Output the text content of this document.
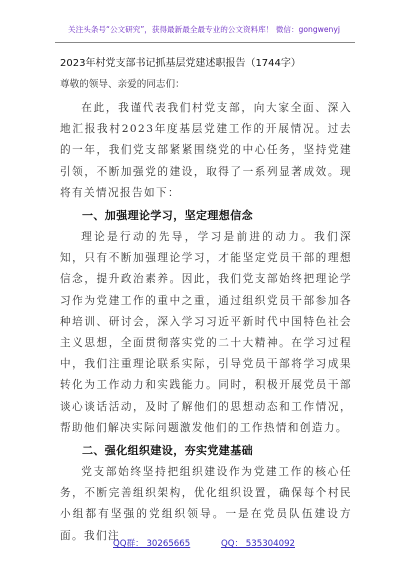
关注头条号“公文研究”，获得最新最全最专业的公文资料库！ 微信：gongwenyj
2023年村党支部书记抓基层党建述职报告（1744字）
尊敬的领导、亲爱的同志们：

在此，我谨代表我们村党支部，向大家全面、深入地汇报我村2023年度基层党建工作的开展情况。过去的一年，我们党支部紧紧围绕党的中心任务，坚持党建引领，不断加强党的建设，取得了一系列显著成效。现将有关情况报告如下：

一、加强理论学习，坚定理想信念

理论是行动的先导，学习是前进的动力。我们深知，只有不断加强理论学习，才能坚定党员干部的理想信念，提升政治素养。因此，我们党支部始终把理论学习作为党建工作的重中之重，通过组织党员干部参加各种培训、研讨会，深入学习习近平新时代中国特色社会主义思想，全面贯彻落实党的二十大精神。在学习过程中，我们注重理论联系实际，引导党员干部将学习成果转化为工作动力和实践能力。同时，积极开展党员干部谈心谈话活动，及时了解他们的思想动态和工作情况，帮助他们解决实际问题激发他们的工作热情和创造力。

二、强化组织建设，夯实党建基础

党支部始终坚持把组织建设作为党建工作的核心任务，不断完善组织架构，优化组织设置，确保每个村民小组都有坚强的党组织领导。一是在党员队伍建设方面。我们注

QQ群： 30265665	QQ： 535304092
